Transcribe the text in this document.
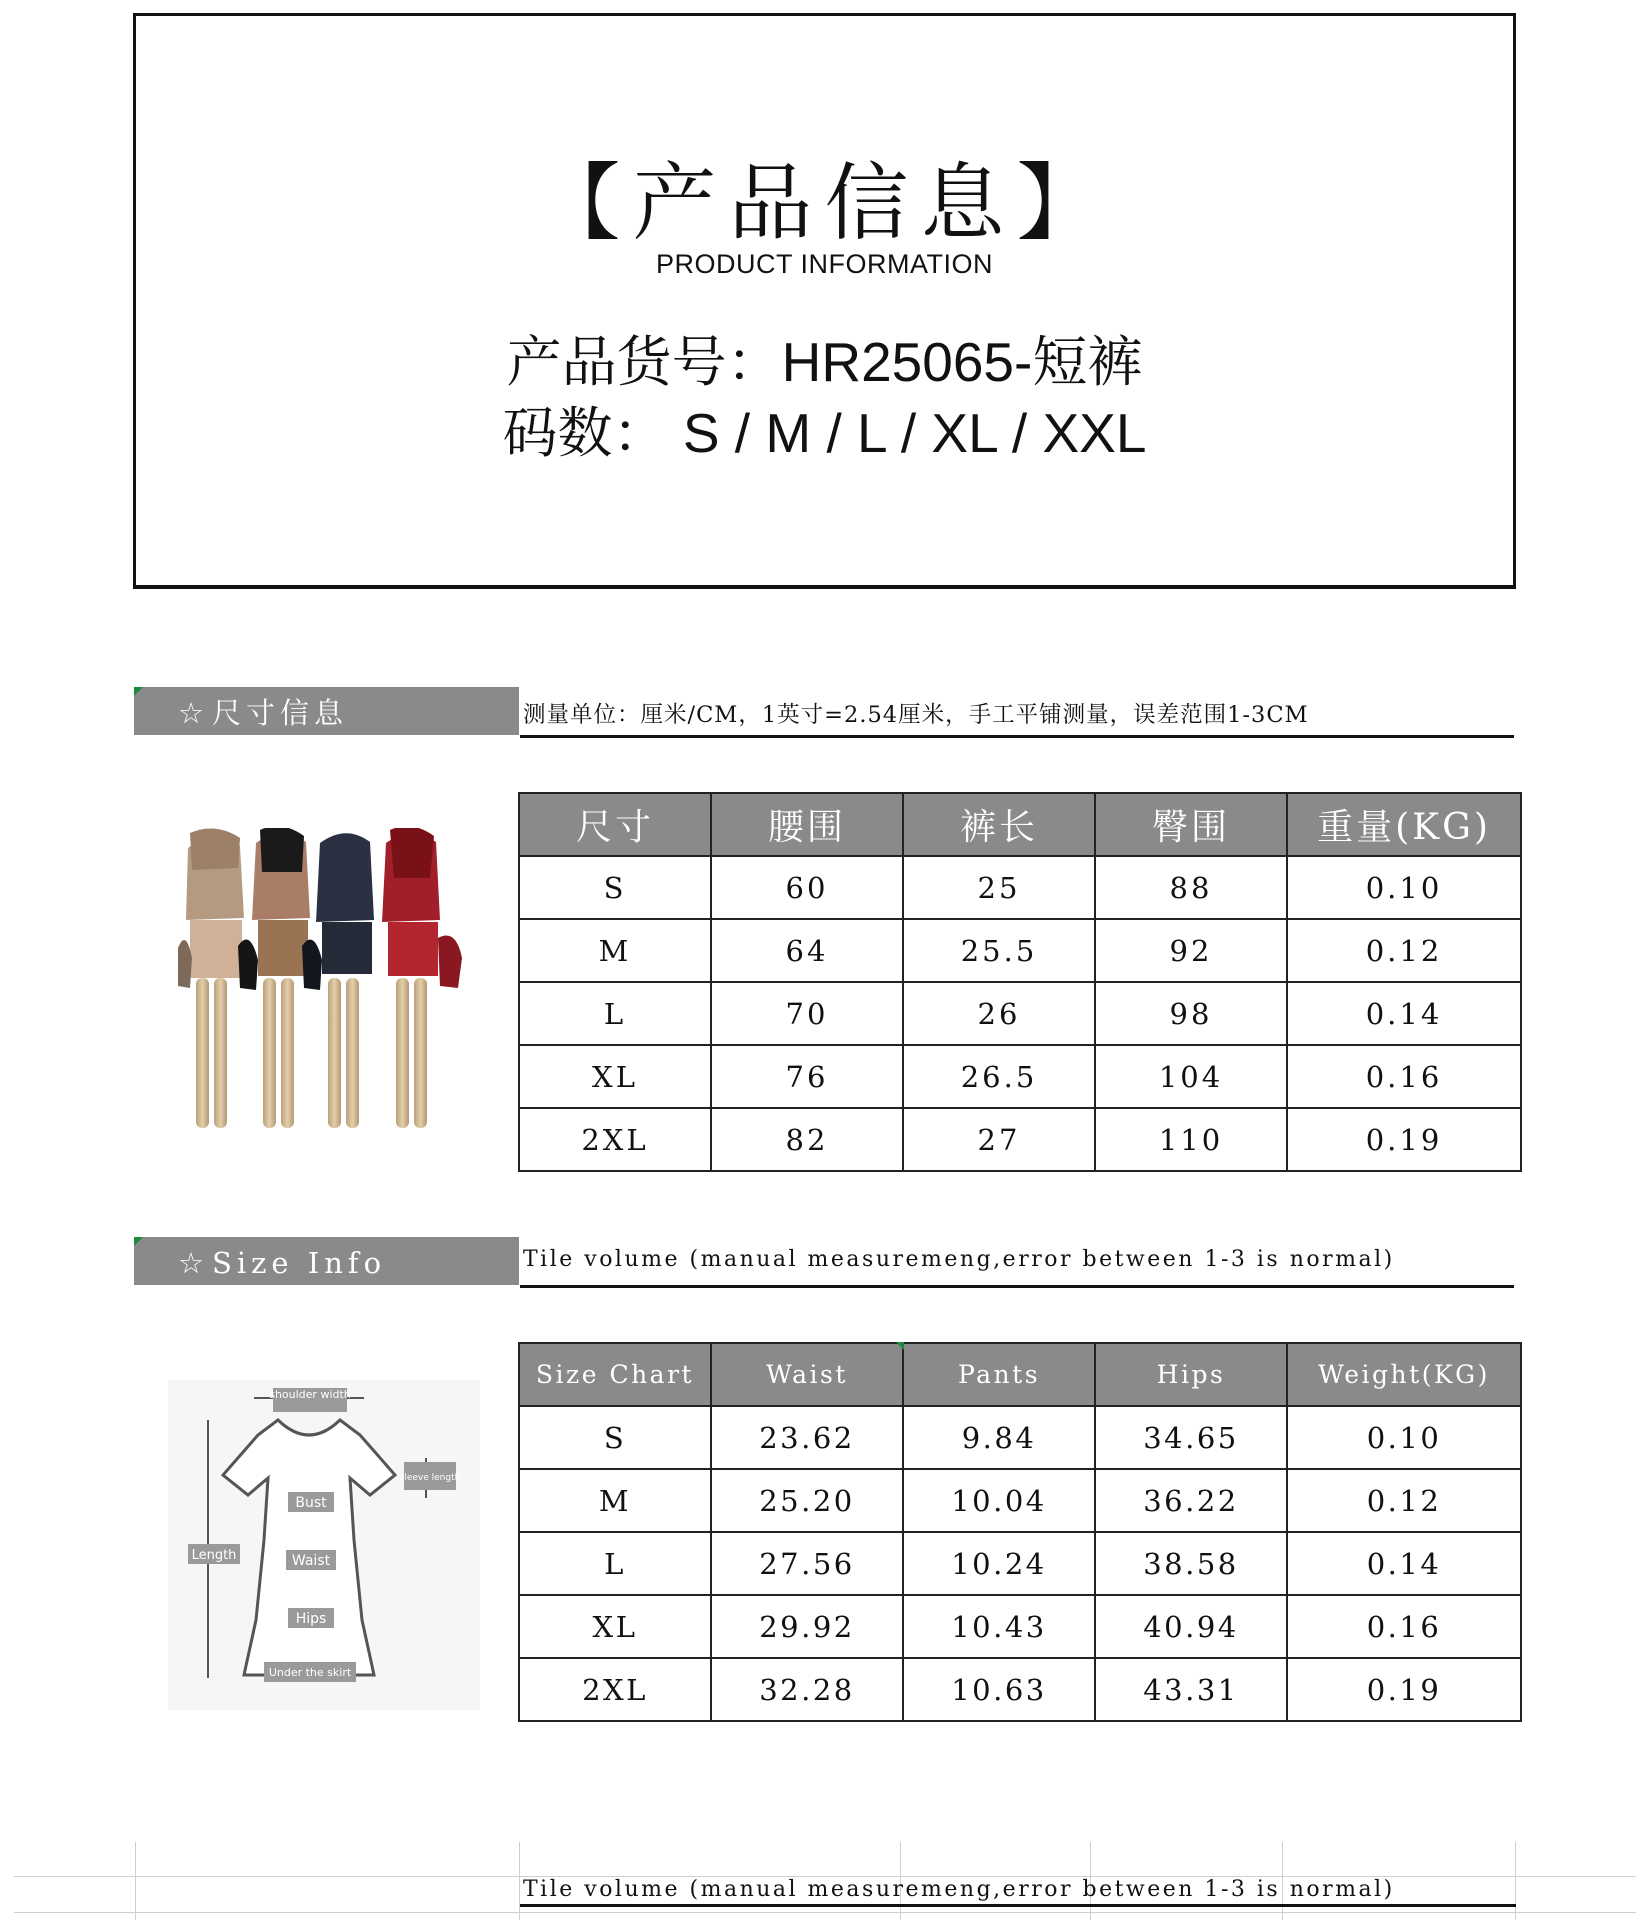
【产品信息】
PRODUCT INFORMATION
产品货号：HR25065-短裤
码数： S / M / L / XL / XXL
☆尺寸信息	测量单位：厘米/CM，1英寸=2.54厘米，手工平铺测量，误差范围1-3CM
尺寸	腰围	裤长	臀围	重量(KG)
S	60	25	88	0.10
M	64	25.5	92	0.12
L	70	26	98	0.14
XL	76	26.5	104	0.16
2XL	82	27	110	0.19
☆Size Info	Tile volume (manual measuremeng,error between 1-3 is normal)
shoulder width
sleeve length
Bust
Length	Waist
Hips
Under the skirt
Size Chart	Waist	Pants	Hips	Weight(KG)
S	23.62	9.84	34.65	0.10
M	25.20	10.04	36.22	0.12
L	27.56	10.24	38.58	0.14
XL	29.92	10.43	40.94	0.16
2XL	32.28	10.63	43.31	0.19
Tile volume (manual measuremeng,error between 1-3 is normal)
